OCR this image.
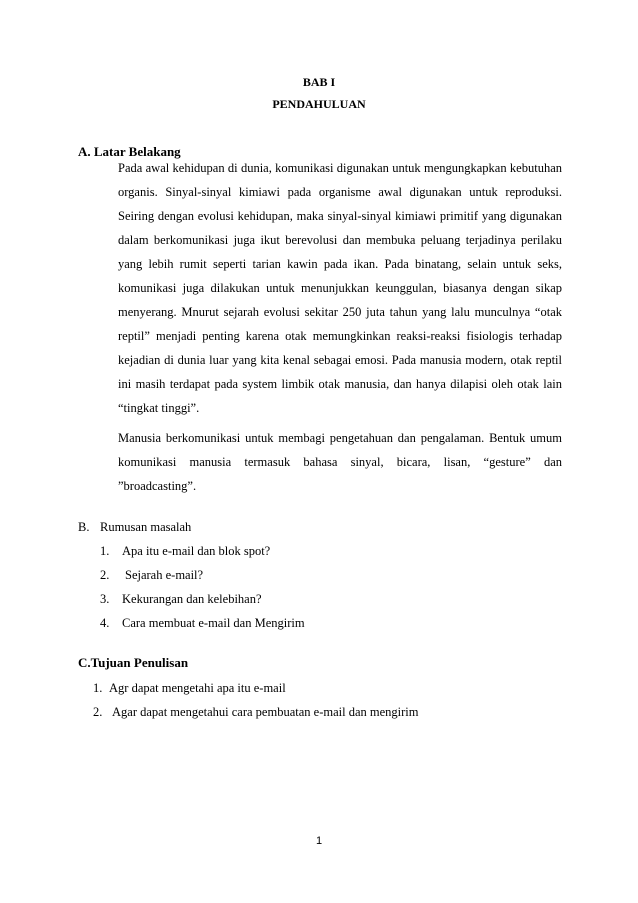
BAB I
PENDAHULUAN
A. Latar Belakang
Pada awal kehidupan di dunia, komunikasi digunakan untuk mengungkapkan kebutuhan organis. Sinyal-sinyal kimiawi pada organisme awal digunakan untuk reproduksi. Seiring dengan evolusi kehidupan, maka sinyal-sinyal kimiawi primitif yang digunakan dalam berkomunikasi juga ikut berevolusi dan membuka peluang terjadinya perilaku yang lebih rumit seperti tarian kawin pada ikan. Pada binatang, selain untuk seks, komunikasi juga dilakukan untuk menunjukkan keunggulan, biasanya dengan sikap menyerang. Mnurut sejarah evolusi sekitar 250 juta tahun yang lalu munculnya “otak reptil” menjadi penting karena otak memungkinkan reaksi-reaksi fisiologis terhadap kejadian di dunia luar yang kita kenal sebagai emosi. Pada manusia modern, otak reptil ini masih terdapat pada system limbik otak manusia, dan hanya dilapisi oleh otak lain “tingkat tinggi”.
Manusia berkomunikasi untuk membagi pengetahuan dan pengalaman. Bentuk umum komunikasi manusia termasuk bahasa sinyal, bicara, lisan, “gesture” dan ”broadcasting”.
B. Rumusan masalah
1. Apa itu e-mail dan blok spot?
2. Sejarah e-mail?
3. Kekurangan dan kelebihan?
4. Cara membuat e-mail dan Mengirim
C.Tujuan Penulisan
1. Agr dapat mengetahi apa itu e-mail
2. Agar dapat mengetahui cara pembuatan e-mail dan mengirim
1
